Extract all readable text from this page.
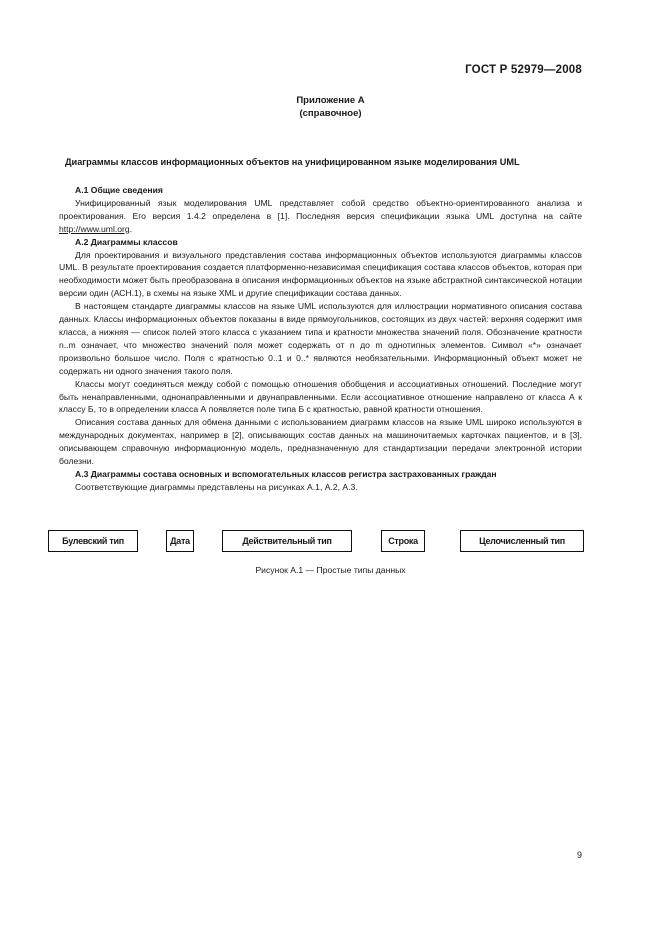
ГОСТ Р 52979—2008
Приложение А
(справочное)
Диаграммы классов информационных объектов на унифицированном языке моделирования UML

А.1 Общие сведения

Унифицированный язык моделирования UML представляет собой средство объектно-ориентированного анализа и проектирования. Его версия 1.4.2 определена в [1]. Последняя версия спецификации языка UML доступна на сайте http://www.uml.org.

А.2 Диаграммы классов

Для проектирования и визуального представления состава информационных объектов используются диаграммы классов UML. В результате проектирования создается платформенно-независимая спецификация состава классов объектов, которая при необходимости может быть преобразована в описания информационных объектов на языке абстрактной синтаксической нотации версии один (АСН.1), в схемы на языке XML и другие спецификации состава данных.

В настоящем стандарте диаграммы классов на языке UML используются для иллюстрации нормативного описания состава данных. Классы информационных объектов показаны в виде прямоугольников, состоящих из двух частей: верхняя содержит имя класса, а нижняя — список полей этого класса с указанием типа и кратности множества значений поля. Обозначение кратности n..m означает, что множество значений поля может содержать от n до m однотипных элементов. Символ «*» означает произвольно большое число. Поля с кратностью 0..1 и 0..* являются необязательными. Информационный объект может не содержать ни одного значения такого поля.

Классы могут соединяться между собой с помощью отношения обобщения и ассоциативных отношений. Последние могут быть ненаправленными, однонаправленными и двунаправленными. Если ассоциативное отношение направлено от класса А к классу Б, то в определении класса А появляется поле типа Б с кратностью, равной кратности отношения.

Описания состава данных для обмена данными с использованием диаграмм классов на языке UML широко используются в международных документах, например в [2], описывающих состав данных на машиночитаемых карточках пациентов, и в [3], описывающем справочную информационную модель, предназначенную для стандартизации передачи электронной истории болезни.

А.3 Диаграммы состава основных и вспомогательных классов регистра застрахованных граждан

Соответствующие диаграммы представлены на рисунках А.1, А.2, А.3.

Булевский тип	Дата	Действительный тип	Строка	Целочисленный тип
Рисунок А.1 — Простые типы данных
9
